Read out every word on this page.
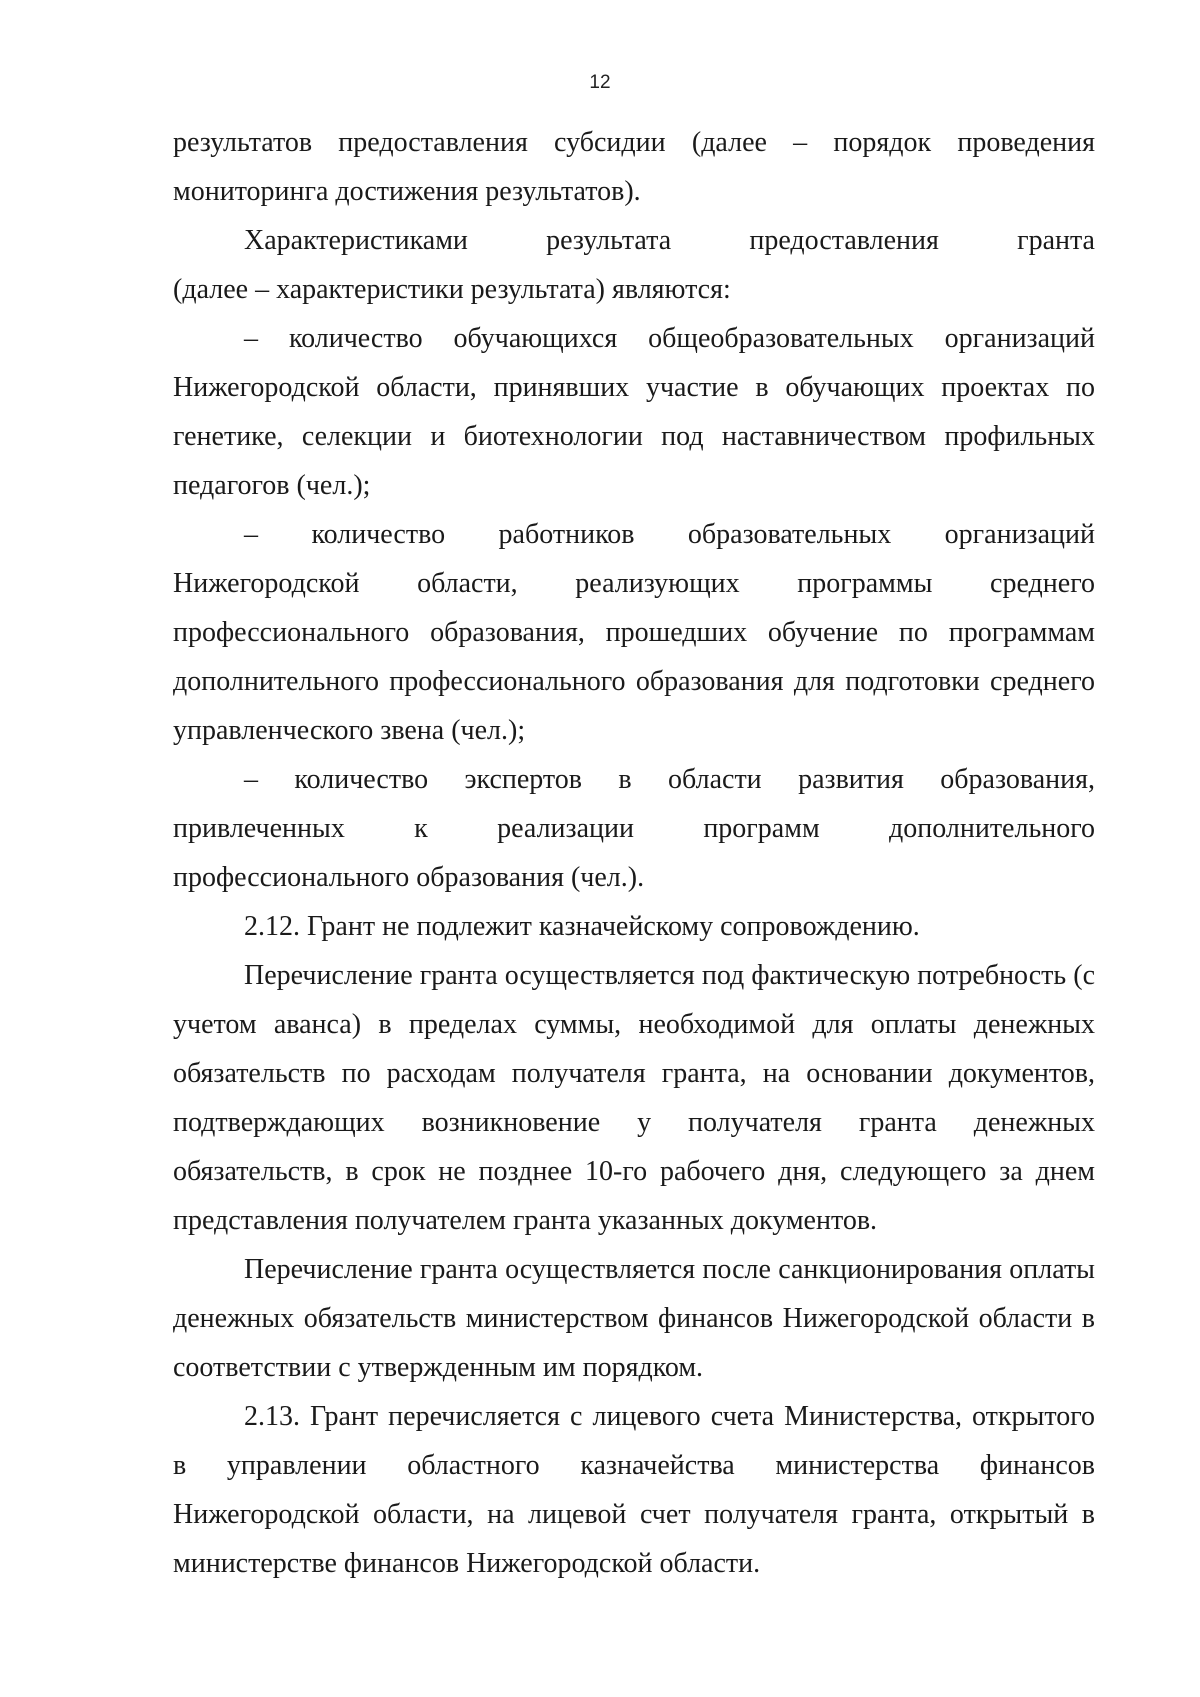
12

результатов предоставления субсидии (далее – порядок проведения

мониторинга достижения результатов).

Характеристиками результата предоставления гранта

(далее – характеристики результата) являются:

– количество обучающихся общеобразовательных организаций Нижегородской области, принявших участие в обучающих проектах по генетике, селекции и биотехнологии под наставничеством профильных педагогов (чел.);

– количество работников образовательных организаций

Нижегородской области, реализующих программы среднего

профессионального образования, прошедших обучение по программам дополнительного профессионального образования для подготовки среднего управленческого звена (чел.);

– количество экспертов в области развития образования,

привлеченных к реализации программ дополнительного

профессионального образования (чел.).

2.12. Грант не подлежит казначейскому сопровождению.

Перечисление гранта осуществляется под фактическую потребность (с учетом аванса) в пределах суммы, необходимой для оплаты денежных обязательств по расходам получателя гранта, на основании документов, подтверждающих возникновение у получателя гранта денежных обязательств, в срок не позднее 10-го рабочего дня, следующего за днем представления получателем гранта указанных документов.

Перечисление гранта осуществляется после санкционирования оплаты денежных обязательств министерством финансов Нижегородской области в соответствии с утвержденным им порядком.

2.13. Грант перечисляется с лицевого счета Министерства, открытого

в управлении областного казначейства министерства финансов

Нижегородской области, на лицевой счет получателя гранта, открытый в министерстве финансов Нижегородской области.
